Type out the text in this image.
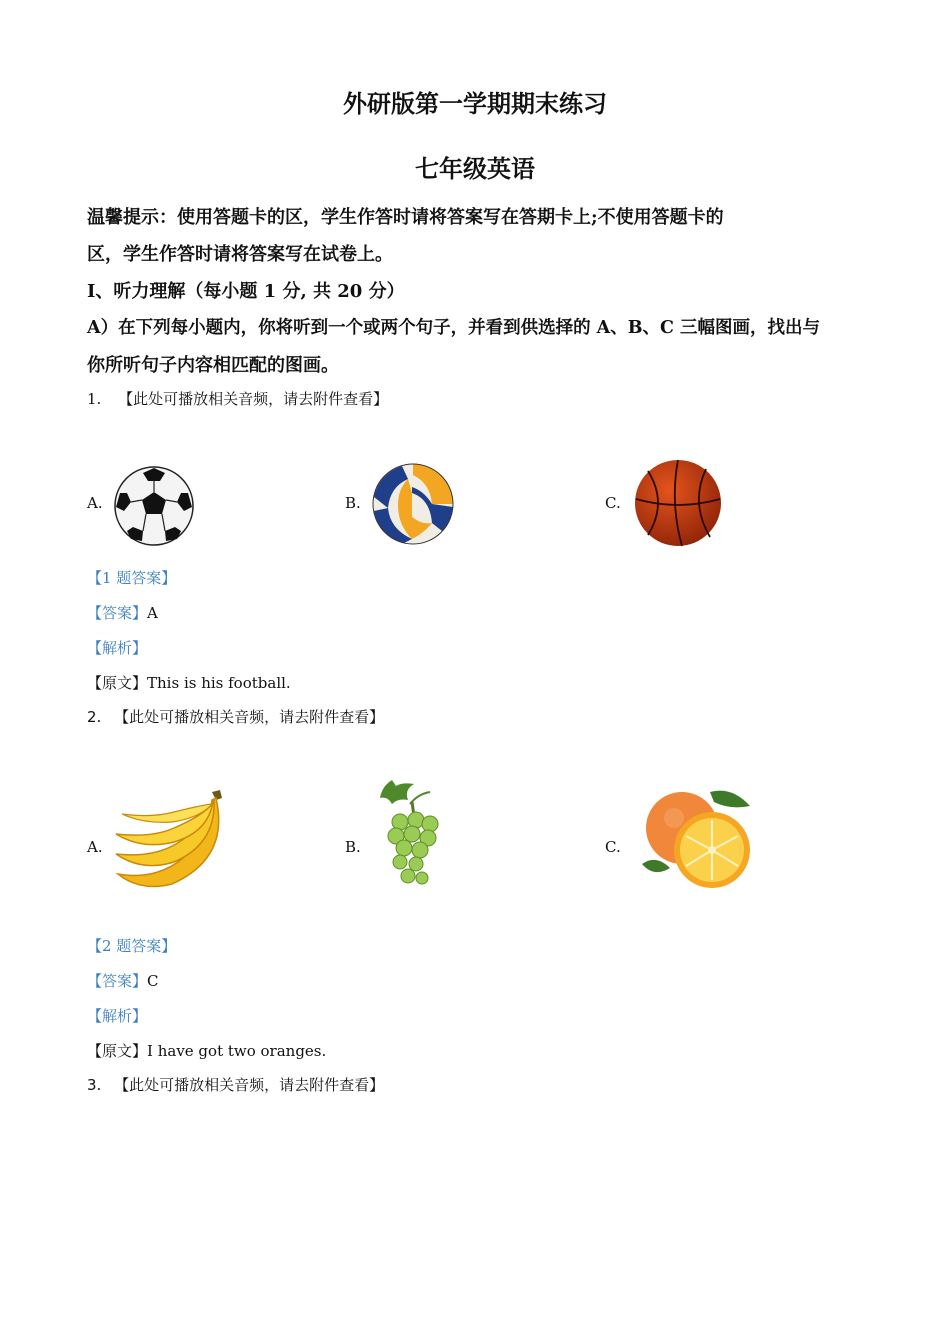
外研版第一学期期末练习
七年级英语
温馨提示：使用答题卡的区，学生作答时请将答案写在答期卡上;不使用答题卡的
区，学生作答时请将答案写在试卷上。
I、听力理解（每小题 1 分, 共 20 分）
A）在下列每小题内，你将听到一个或两个句子，并看到供选择的 A、B、C 三幅图画，找出与
你所听句子内容相匹配的图画。
1. 【此处可播放相关音频，请去附件查看】
A.	B.	C.
【1 题答案】
【答案】A
【解析】
【原文】This is his football.
2. 【此处可播放相关音频，请去附件查看】
A.	B.	C.
【2 题答案】
【答案】C
【解析】
【原文】I have got two oranges.
3. 【此处可播放相关音频，请去附件查看】
